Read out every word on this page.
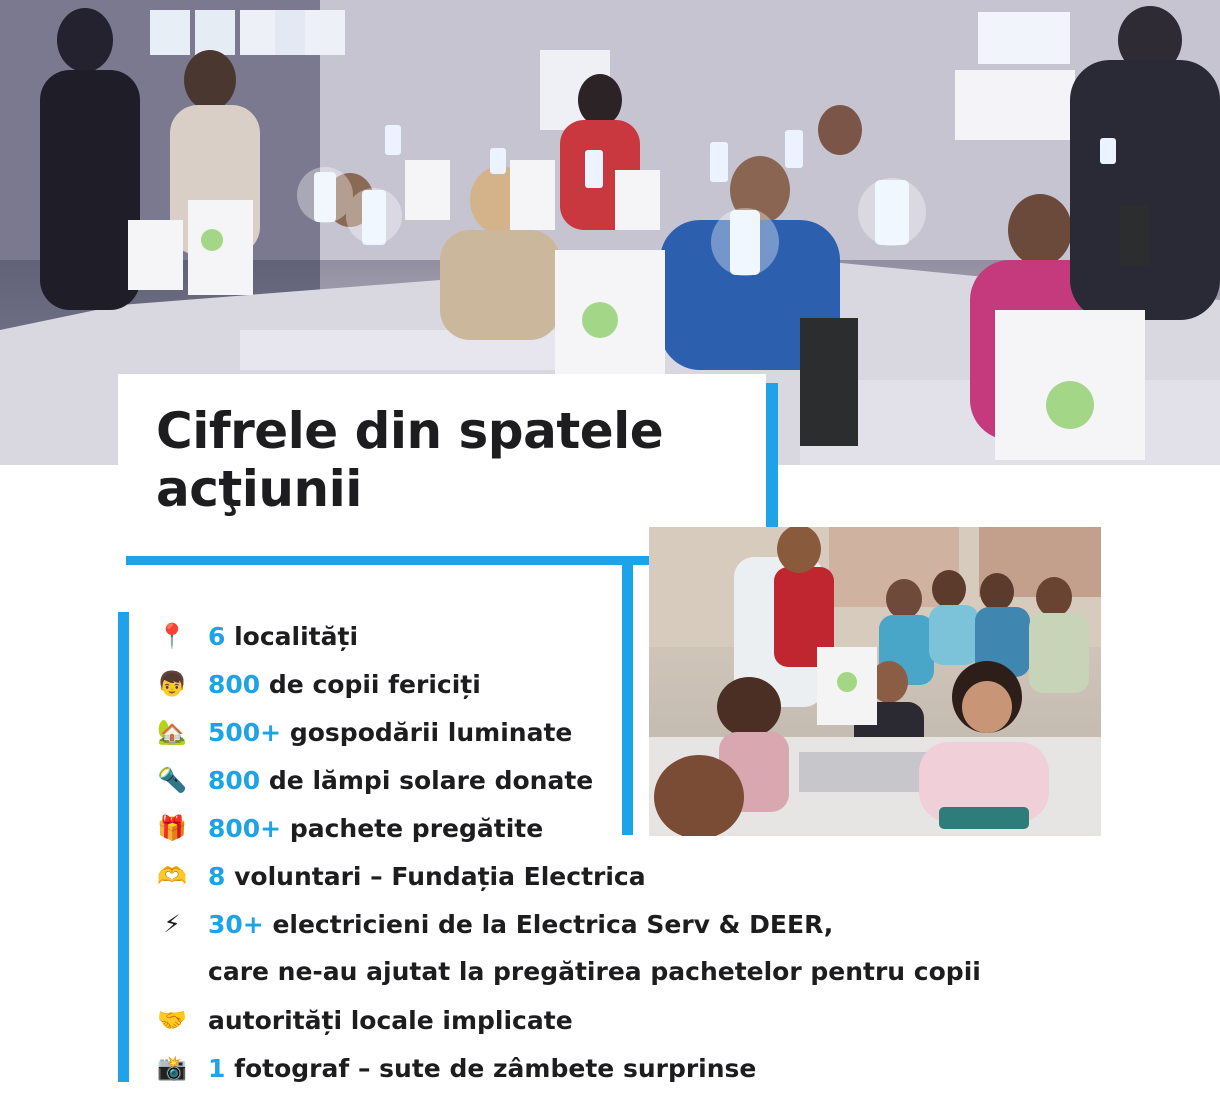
Cifrele din spatele
acţiunii
📍 6 localități
👦 800 de copii fericiți
🏡 500+ gospodării luminate
🔦 800 de lămpi solare donate
🎁 800+ pachete pregătite
🫶 8 voluntari – Fundația Electrica
⚡	30+ electricieni de la Electrica Serv & DEER,
care ne-au ajutat la pregătirea pachetelor pentru copii
🤝 autorități locale implicate
📸 1 fotograf – sute de zâmbete surprinse
